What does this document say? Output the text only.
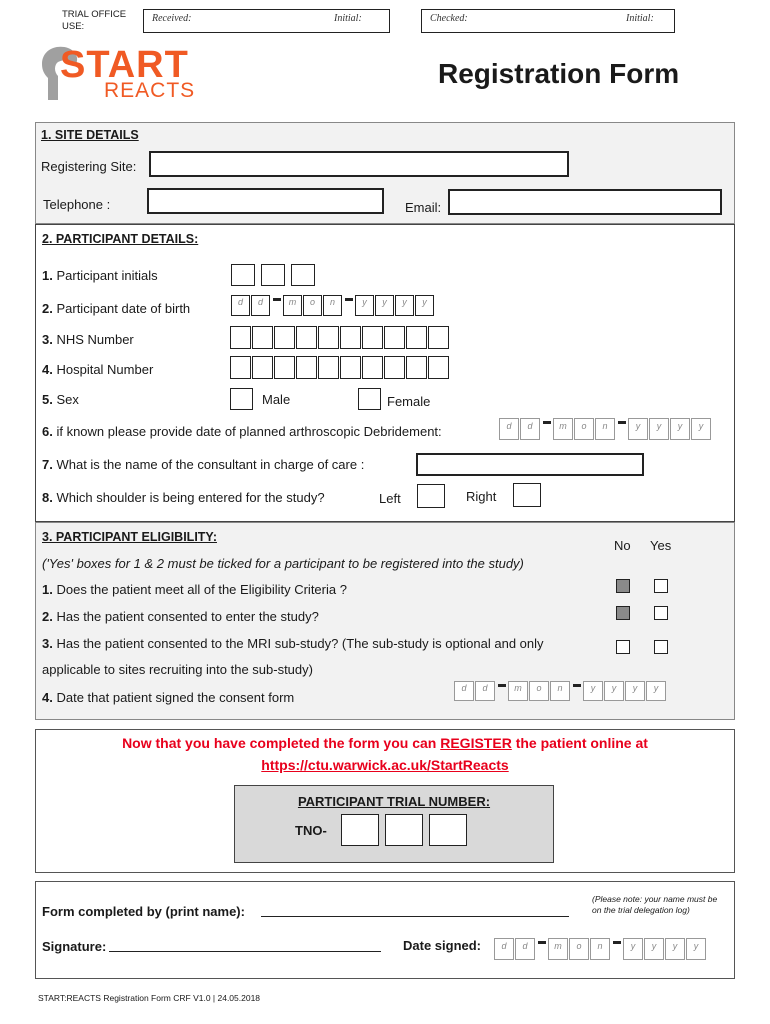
TRIAL OFFICE USE:
Received:	Initial:	Checked:	Initial:
START
REACTS
Registration Form
1. SITE DETAILS
Registering Site:
Telephone :	Email:
2. PARTICIPANT DETAILS:
1. Participant initials
2. Participant date of birth	d	d	m	o	n	y	y	y	y
3. NHS Number
4. Hospital Number
5. Sex	Male	Female
6. if known please provide date of planned arthroscopic Debridement:	d	d	m	o	n	y	y	y	y
7. What is the name of the consultant in charge of care :
8. Which shoulder is being entered for the study?	Left	Right
3. PARTICIPANT ELIGIBILITY:
No Yes
('Yes' boxes for 1 & 2 must be ticked for a participant to be registered into the study)
1. Does the patient meet all of the Eligibility Criteria ?
2. Has the patient consented to enter the study?
3. Has the patient consented to the MRI sub-study? (The sub-study is optional and only
applicable to sites recruiting into the sub-study)
4. Date that patient signed the consent form
d	d	m	o	n	y	y	y	y
Now that you have completed the form you can REGISTER the patient online at
https://ctu.warwick.ac.uk/StartReacts
PARTICIPANT TRIAL NUMBER:
TNO-
(Please note: your name must be on the trial delegation log)
Form completed by (print name):
Signature:	Date signed:	d	d	m	o	n	y	y	y	y
START:REACTS Registration Form CRF V1.0 | 24.05.2018
